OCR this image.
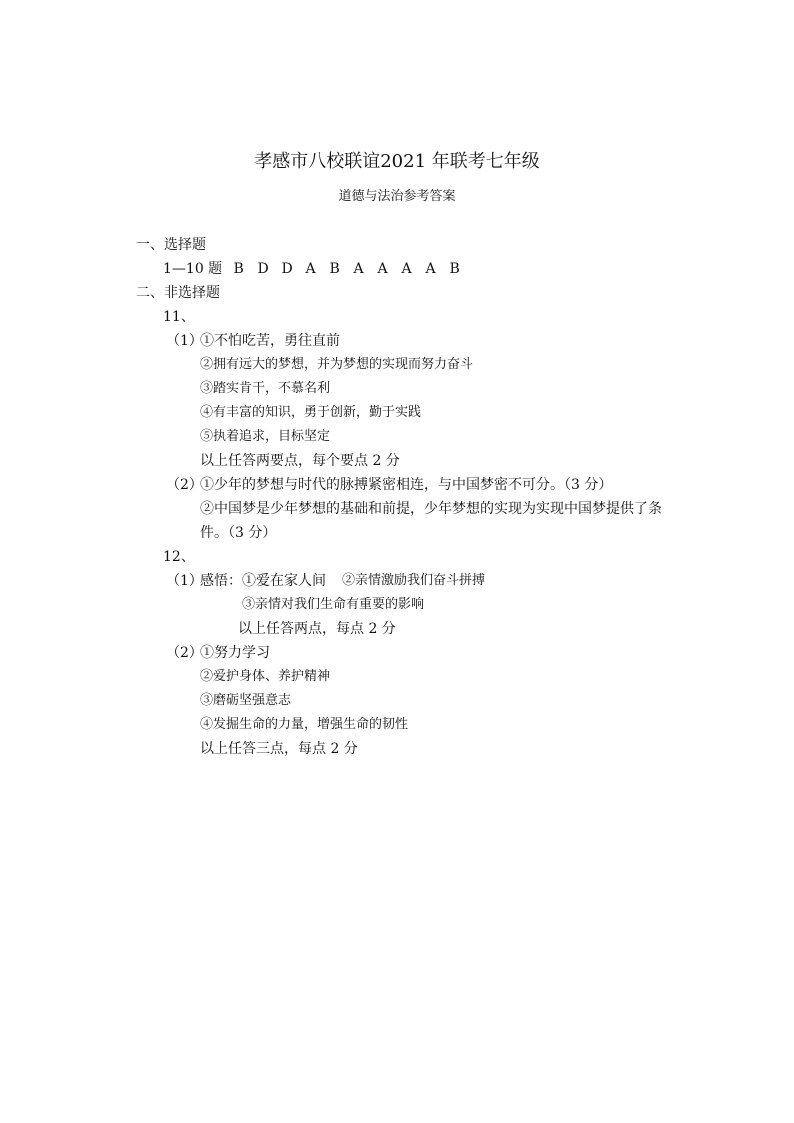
孝感市八校联谊2021 年联考七年级
道德与法治参考答案
一、选择题
1—10 题 B D D A B A A A A B
二、非选择题
11、
（1）
①不怕吃苦，勇往直前
②拥有远大的梦想，并为梦想的实现而努力奋斗
③踏实肯干，不慕名利
④有丰富的知识，勇于创新，勤于实践
⑤执着追求，目标坚定
以上任答两要点，每个要点 2 分
（2）
①少年的梦想与时代的脉搏紧密相连，与中国梦密不可分。（3 分）
②中国梦是少年梦想的基础和前提，少年梦想的实现为实现中国梦提供了条
件。（3 分）
12、
（1）
感悟：①爱在家人间 ②亲情激励我们奋斗拼搏
③亲情对我们生命有重要的影响
以上任答两点，每点 2 分
（2）
①努力学习
②爱护身体、养护精神
③磨砺坚强意志
④发掘生命的力量，增强生命的韧性
以上任答三点，每点 2 分
